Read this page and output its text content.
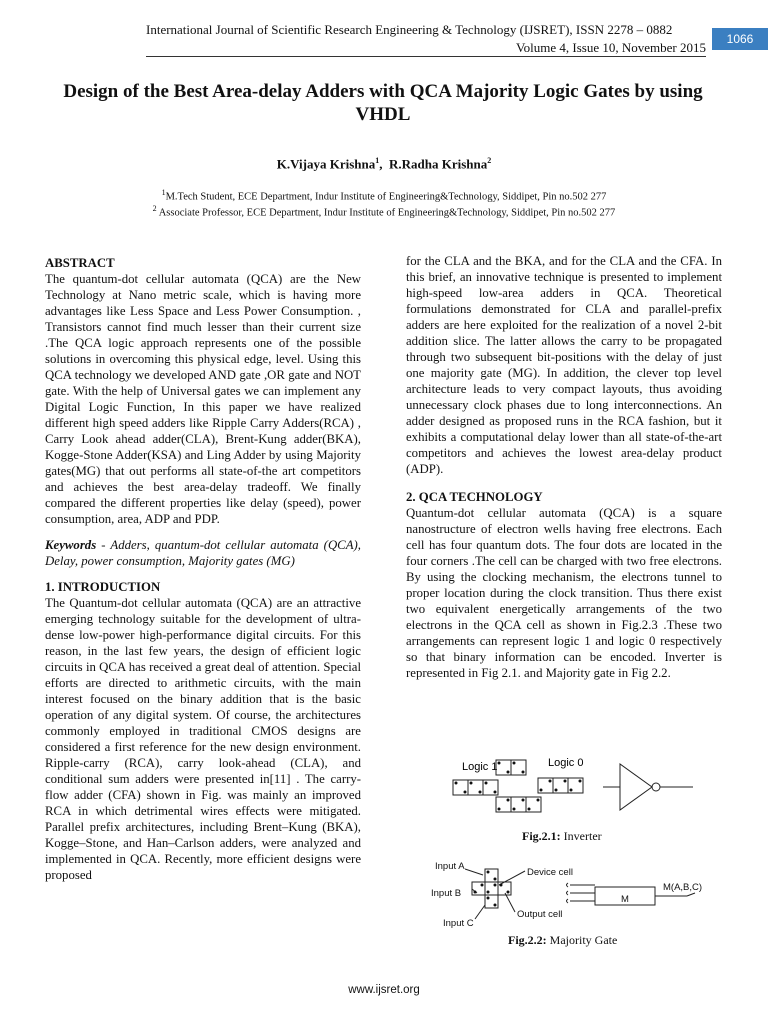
International Journal of Scientific Research Engineering & Technology (IJSRET), ISSN 2278 – 0882
Volume 4, Issue 10, November 2015
1066
Design of the Best Area-delay Adders with QCA Majority Logic Gates by using VHDL
K.Vijaya Krishna$^1$,  R.Radha Krishna$^2$
$^1$M.Tech Student, ECE Department, Indur Institute of Engineering&Technology, Siddipet, Pin no.502 277
$^2$ Associate Professor, ECE Department, Indur Institute of Engineering&Technology, Siddipet, Pin no.502 277

ABSTRACT

The quantum-dot cellular automata (QCA) are the New Technology at Nano metric scale, which is having more advantages like Less Space and Less Power Consumption. , Transistors cannot find much lesser than their current size .The QCA logic approach represents one of the possible solutions in overcoming this physical edge, level. Using this QCA technology we developed AND gate ,OR gate and NOT gate. With the help of Universal gates we can implement any Digital Logic Function, In this paper we have realized different high speed adders like Ripple Carry Adders(RCA) , Carry Look ahead adder(CLA), Brent-Kung adder(BKA), Kogge-Stone Adder(KSA) and Ling Adder by using Majority gates(MG) that out performs all state-of-the art competitors and achieves the best area-delay tradeoff. We finally compared the different properties like delay (speed), power consumption, area, ADP and PDP.

Keywords - Adders, quantum-dot cellular automata (QCA), Delay, power consumption, Majority gates (MG)

1. INTRODUCTION

The Quantum-dot cellular automata (QCA) are an attractive emerging technology suitable for the development of ultra-dense low-power high-performance digital circuits. For this reason, in the last few years, the design of efficient logic circuits in QCA has received a great deal of attention. Special efforts are directed to arithmetic circuits, with the main interest focused on the binary addition that is the basic operation of any digital system. Of course, the architectures commonly employed in traditional CMOS designs are considered a first reference for the new design environment. Ripple-carry (RCA), carry look-ahead (CLA), and conditional sum adders were presented in[11] . The carry-flow adder (CFA) shown in Fig. was mainly an improved RCA in which detrimental wires effects were mitigated. Parallel prefix architectures, including Brent–Kung (BKA), Kogge–Stone, and Han–Carlson adders, were analyzed and implemented in QCA. Recently, more efficient designs were proposed

for the CLA and the BKA, and for the CLA and the CFA. In this brief, an innovative technique is presented to implement high-speed low-area adders in QCA. Theoretical formulations demonstrated for CLA and parallel-prefix adders are here exploited for the realization of a novel 2-bit addition slice. The latter allows the carry to be propagated through two subsequent bit-positions with the delay of just one majority gate (MG). In addition, the clever top level architecture leads to very compact layouts, thus avoiding unnecessary clock phases due to long interconnections. An adder designed as proposed runs in the RCA fashion, but it exhibits a computational delay lower than all state-of-the-art competitors and achieves the lowest area-delay product (ADP).

2. QCA TECHNOLOGY

Quantum-dot cellular automata (QCA) is a square nanostructure of electron wells having free electrons. Each cell has four quantum dots. The four dots are located in the four corners .The cell can be charged with two free electrons. By using the clocking mechanism, the electrons tunnel to proper location during the clock transition. Thus there exist two equivalent energetically arrangements of the two electrons in the QCA cell as shown in Fig.2.3 .These two arrangements can represent logic 1 and logic 0 respectively so that binary information can be encoded. Inverter is represented in Fig 2.1. and Majority gate in Fig 2.2.

Logic 1	Logic 0
Fig.2.1: Inverter
Input A
Input B
Input C
Device cell
Output cell
M
M(A,B,C)
Fig.2.2: Majority Gate
www.ijsret.org
